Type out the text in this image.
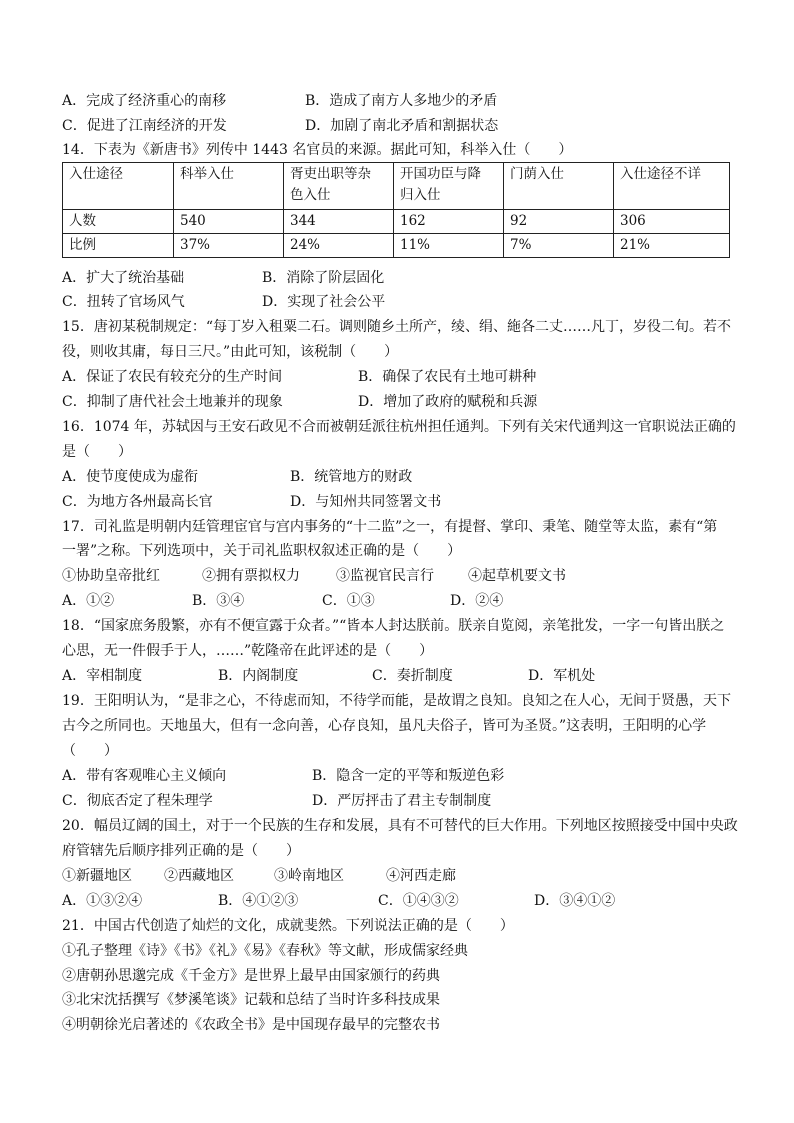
A．完成了经济重心的南移	B．造成了南方人多地少的矛盾
C．促进了江南经济的开发	D．加剧了南北矛盾和割据状态
14．下表为《新唐书》列传中 1443 名官员的来源。据此可知，科举入仕（　　）
入仕途径	科举入仕	胥吏出职等杂
色入仕	开国功臣与降
归入仕	门荫入仕	入仕途径不详
人数	540	344	162	92	306
比例	37%	24%	11%	7%	21%
A．扩大了统治基础	B．消除了阶层固化
C．扭转了官场风气	D．实现了社会公平
15．唐初某税制规定：“每丁岁入租粟二石。调则随乡土所产，绫、绢、絁各二丈……凡丁，岁役二旬。若不
役，则收其庸，每日三尺。”由此可知，该税制（　　）
A．保证了农民有较充分的生产时间	B．确保了农民有土地可耕种
C．抑制了唐代社会土地兼并的现象	D．增加了政府的赋税和兵源
16．1074 年，苏轼因与王安石政见不合而被朝廷派往杭州担任通判。下列有关宋代通判这一官职说法正确的
是（　　）
A．使节度使成为虚衔	B．统管地方的财政
C．为地方各州最高长官	D．与知州共同签署文书
17．司礼监是明朝内廷管理宦官与宫内事务的“十二监”之一，有提督、掌印、秉笔、随堂等太监，素有“第
一署”之称。下列选项中，关于司礼监职权叙述正确的是（　　）
①协助皇帝批红	②拥有票拟权力	③监视官民言行 ④起草机要文书
A．①②	B．③④	C．①③	D．②④
18．“国家庶务殷繁，亦有不便宣露于众者。”“皆本人封达朕前。朕亲自览阅，亲笔批发，一字一句皆出朕之
心思，无一件假手于人，……”乾隆帝在此评述的是（　　）
A．宰相制度	B．内阁制度	C．奏折制度	D．军机处
19．王阳明认为，“是非之心，不待虑而知，不待学而能，是故谓之良知。良知之在人心，无间于贤愚，天下
古今之所同也。天地虽大，但有一念向善，心存良知，虽凡夫俗子，皆可为圣贤。”这表明，王阳明的心学
（　　）
A．带有客观唯心主义倾向	B．隐含一定的平等和叛逆色彩
C．彻底否定了程朱理学	D．严厉抨击了君主专制制度
20．幅员辽阔的国土，对于一个民族的生存和发展，具有不可替代的巨大作用。下列地区按照接受中国中央政
府管辖先后顺序排列正确的是（　　）
①新疆地区 ②西藏地区	③岭南地区	④河西走廊
A．①③②④	B．④①②③	C．①④③②	D．③④①②
21．中国古代创造了灿烂的文化，成就斐然。下列说法正确的是（　　）
①孔子整理《诗》《书》《礼》《易》《春秋》等文献，形成儒家经典
②唐朝孙思邈完成《千金方》是世界上最早由国家颁行的药典
③北宋沈括撰写《梦溪笔谈》记载和总结了当时许多科技成果
④明朝徐光启著述的《农政全书》是中国现存最早的完整农书
